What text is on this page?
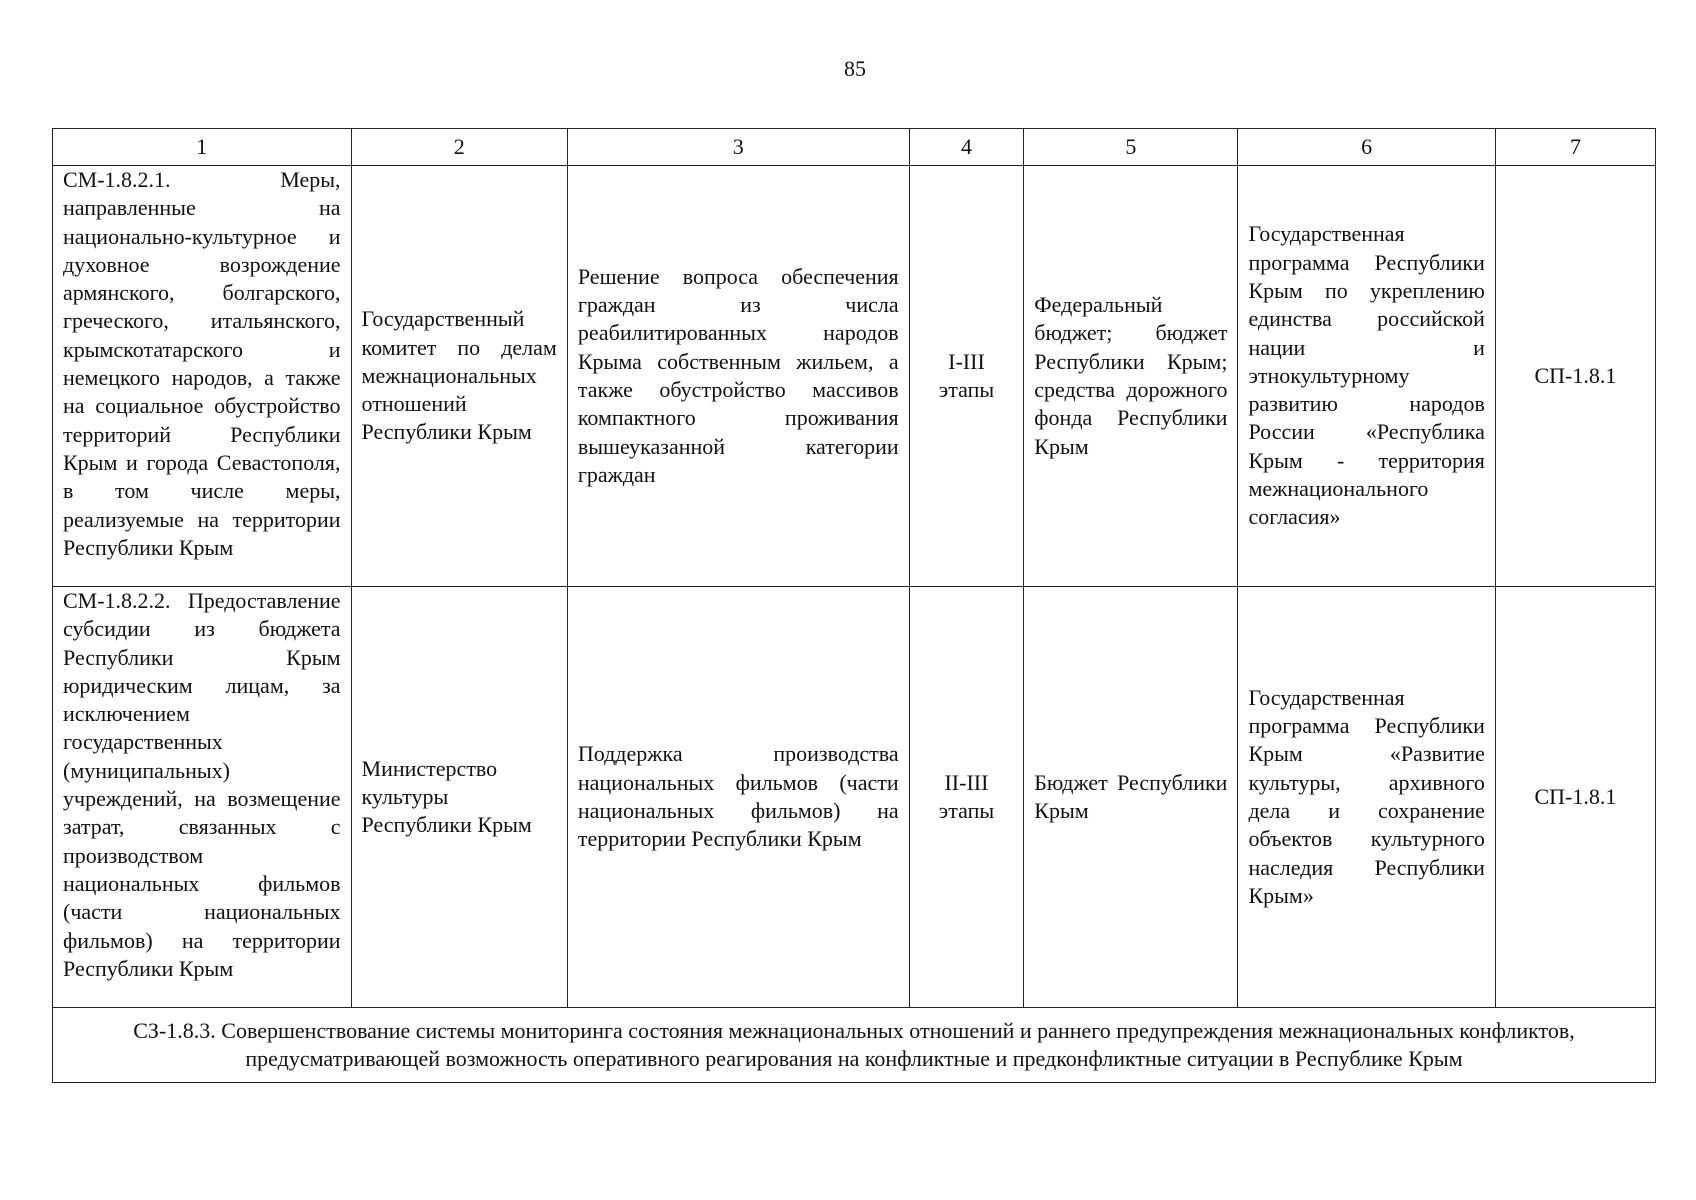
85
1	2	3	4	5	6	7
СМ-1.8.2.1. Меры, направленные на национально-культурное и духовное возрождение армянского, болгарского, греческого, итальянского, крымскотатарского и немецкого народов, а также на социальное обустройство территорий Республики Крым и города Севастополя, в том числе меры, реализуемые на территории Республики Крым	Государственный комитет по делам межнациональных отношений Республики Крым	Решение вопроса обеспечения граждан из числа реабилитированных народов Крыма собственным жильем, а также обустройство массивов компактного проживания вышеуказанной категории граждан	I-III этапы	Федеральный бюджет; бюджет Республики Крым; средства дорожного фонда Республики Крым	Государственная программа Республики Крым по укреплению единства российской нации и этнокультурному развитию народов России «Республика Крым - территория межнационального согласия»	СП-1.8.1
СМ-1.8.2.2. Предоставление субсидии из бюджета Республики Крым юридическим лицам, за исключением государственных (муниципальных) учреждений, на возмещение затрат, связанных с производством национальных фильмов (части национальных фильмов) на территории Республики Крым	Министерство культуры Республики Крым	Поддержка производства национальных фильмов (части национальных фильмов) на территории Республики Крым	II-III этапы	Бюджет Республики Крым	Государственная программа Республики Крым «Развитие культуры, архивного дела и сохранение объектов культурного наследия Республики Крым»	СП-1.8.1
СЗ-1.8.3. Совершенствование системы мониторинга состояния межнациональных отношений и раннего предупреждения межнациональных конфликтов, предусматривающей возможность оперативного реагирования на конфликтные и предконфликтные ситуации в Республике Крым						
